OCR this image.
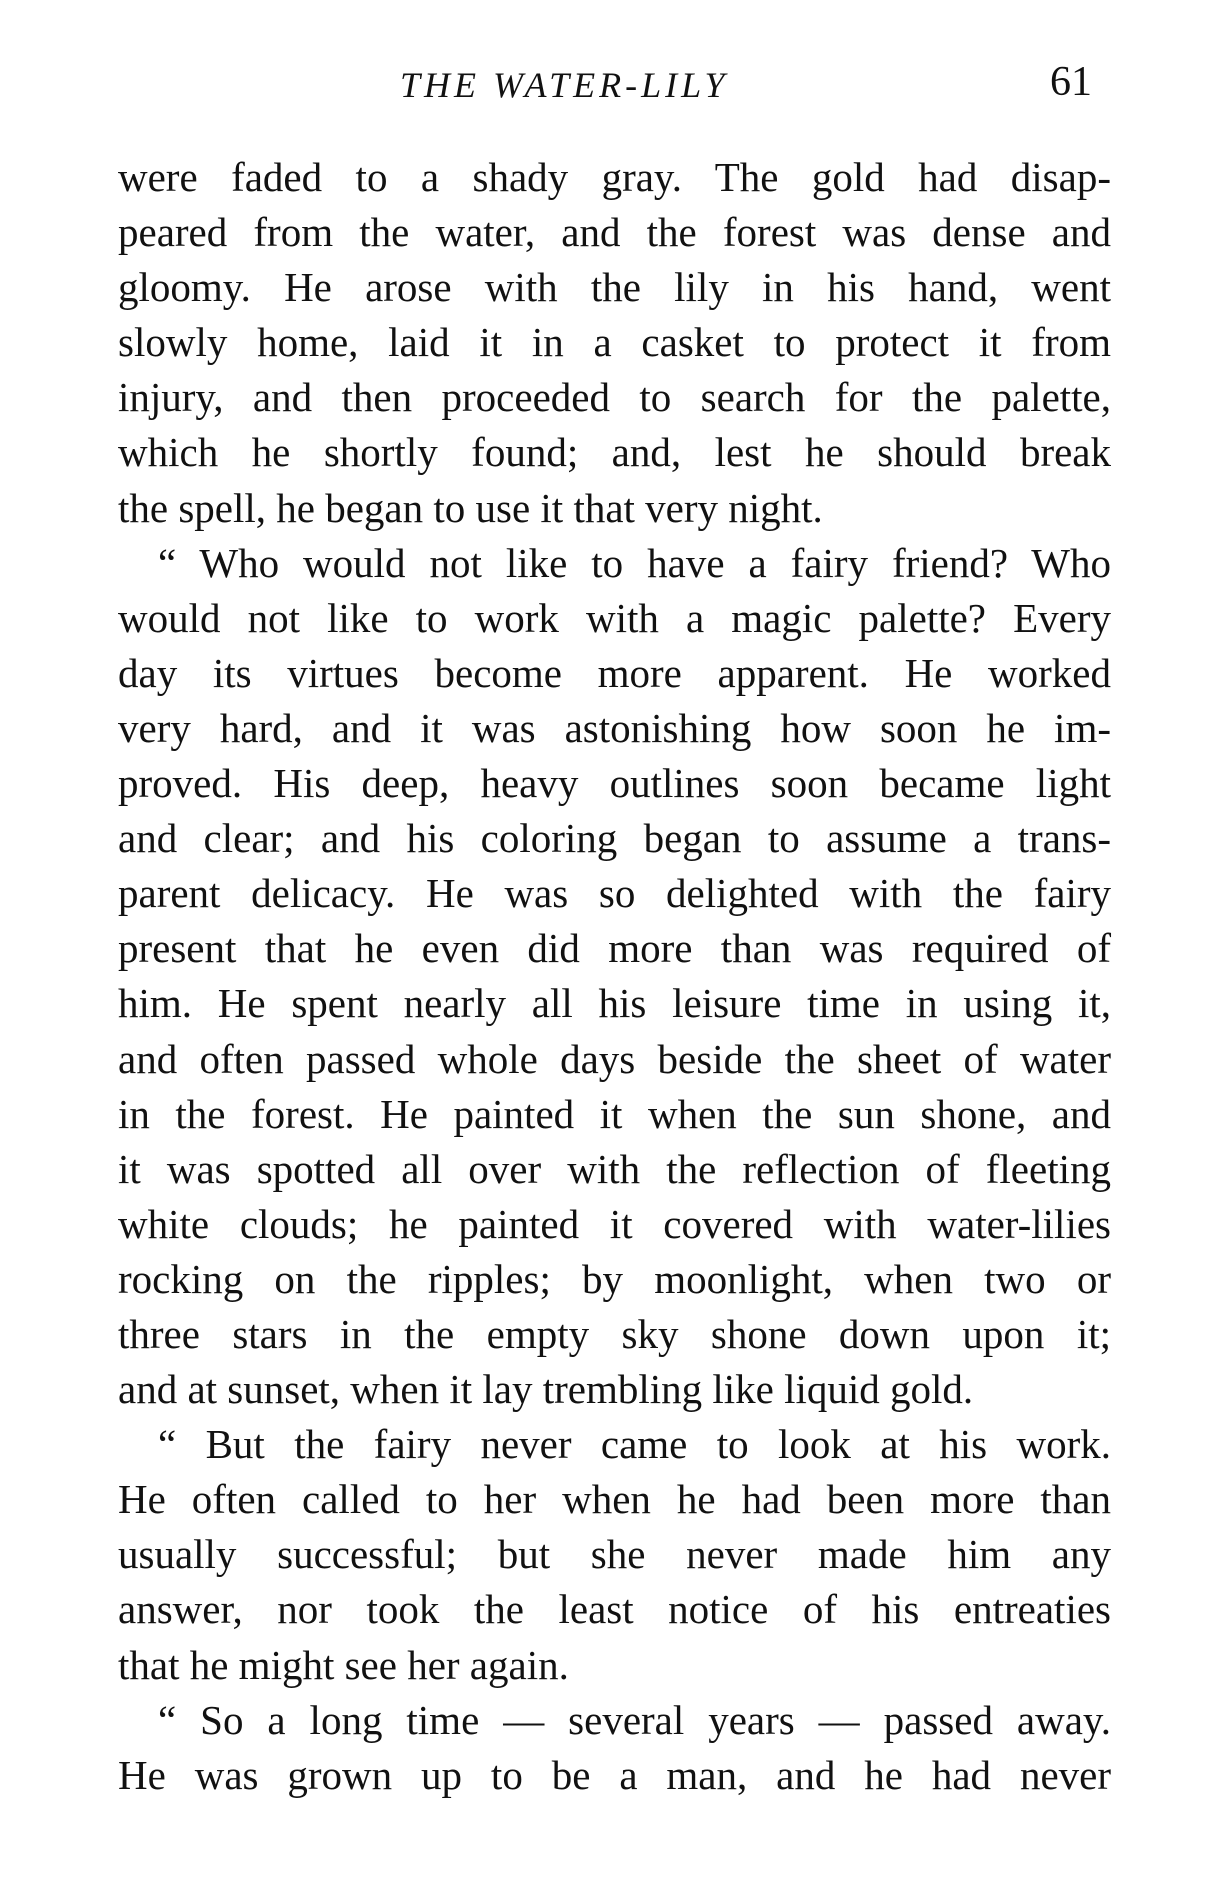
THE WATER-LILY	61
were faded to a shady gray. The gold had disap-
peared from the water, and the forest was dense and
gloomy. He arose with the lily in his hand, went
slowly home, laid it in a casket to protect it from
injury, and then proceeded to search for the palette,
which he shortly found; and, lest he should break
the spell, he began to use it that very night.
“ Who would not like to have a fairy friend? Who
would not like to work with a magic palette? Every
day its virtues become more apparent. He worked
very hard, and it was astonishing how soon he im-
proved. His deep, heavy outlines soon became light
and clear; and his coloring began to assume a trans-
parent delicacy. He was so delighted with the fairy
present that he even did more than was required of
him. He spent nearly all his leisure time in using it,
and often passed whole days beside the sheet of water
in the forest. He painted it when the sun shone, and
it was spotted all over with the reflection of fleeting
white clouds; he painted it covered with water-lilies
rocking on the ripples; by moonlight, when two or
three stars in the empty sky shone down upon it;
and at sunset, when it lay trembling like liquid gold.
“ But the fairy never came to look at his work.
He often called to her when he had been more than
usually successful; but she never made him any
answer, nor took the least notice of his entreaties
that he might see her again.
“ So a long time — several years — passed away.
He was grown up to be a man, and he had never
